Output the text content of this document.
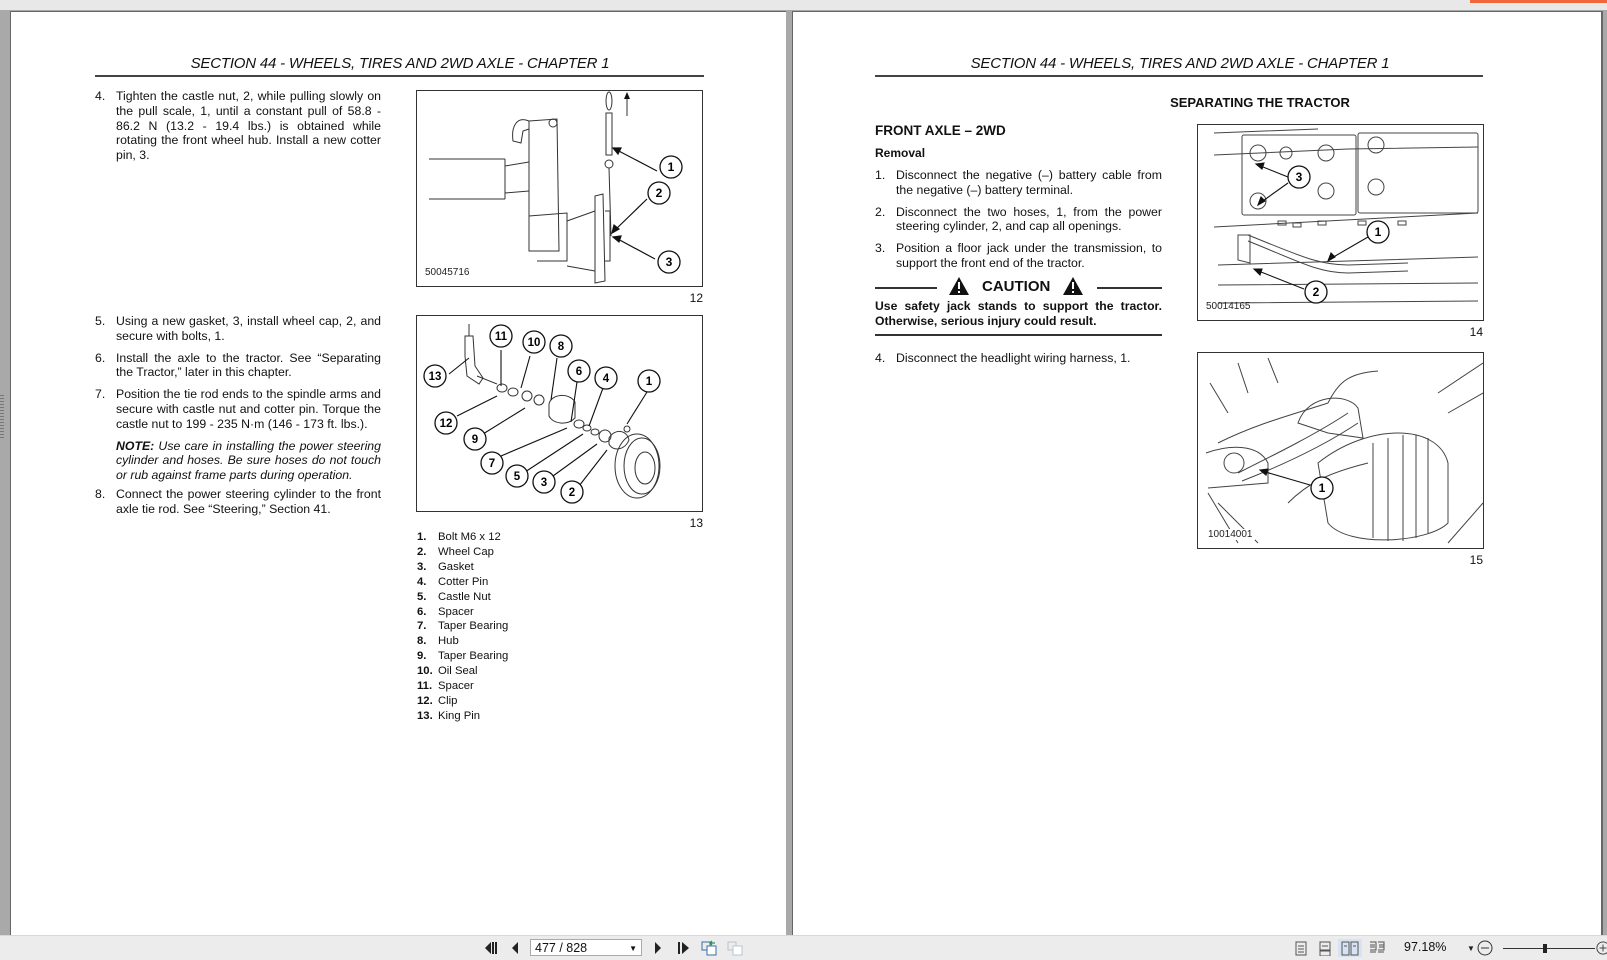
SECTION 44 - WHEELS, TIRES AND 2WD AXLE - CHAPTER 1
4. Tighten the castle nut, 2, while pulling slowly on the pull scale, 1, until a constant pull of 58.8 - 86.2 N (13.2 - 19.4 lbs.) is obtained while rotating the front wheel hub. Install a new cotter pin, 3.
5. Using a new gasket, 3, install wheel cap, 2, and secure with bolts, 1.
6. Install the axle to the tractor. See “Separating the Tractor,” later in this chapter.
7. Position the tie rod ends to the spindle arms and secure with castle nut and cotter pin. Torque the castle nut to 199 - 235 N·m (146 - 173 ft. lbs.).
NOTE: Use care in installing the power steering cylinder and hoses. Be sure hoses do not touch or rub against frame parts during operation.
8. Connect the power steering cylinder to the front axle tie rod. See “Steering,” Section 41.
1
2
3
50045716
12
13
11 10 8
6
4	1
12
9
7
5 3
2
13
1.	Bolt M6 x 12
2.	Wheel Cap
3.	Gasket
4.	Cotter Pin
5.	Castle Nut
6.	Spacer
7.	Taper Bearing
8.	Hub
9.	Taper Bearing
10. Oil Seal
11. Spacer
12. Clip
13. King Pin
SECTION 44 - WHEELS, TIRES AND 2WD AXLE - CHAPTER 1
SEPARATING THE TRACTOR
FRONT AXLE – 2WD
Removal
1. Disconnect the negative (–) battery cable from the negative (–) battery terminal.
2. Disconnect the two hoses, 1, from the power steering cylinder, 2, and cap all openings.
3. Position a floor jack under the transmission, to support the front end of the tractor.
CAUTION
Use safety jack stands to support the tractor. Otherwise, serious injury could result.
4. Disconnect the headlight wiring harness, 1.
3
1
2
50014165
14
1
10014001
15
477 / 828	▼	97.18%	▼
